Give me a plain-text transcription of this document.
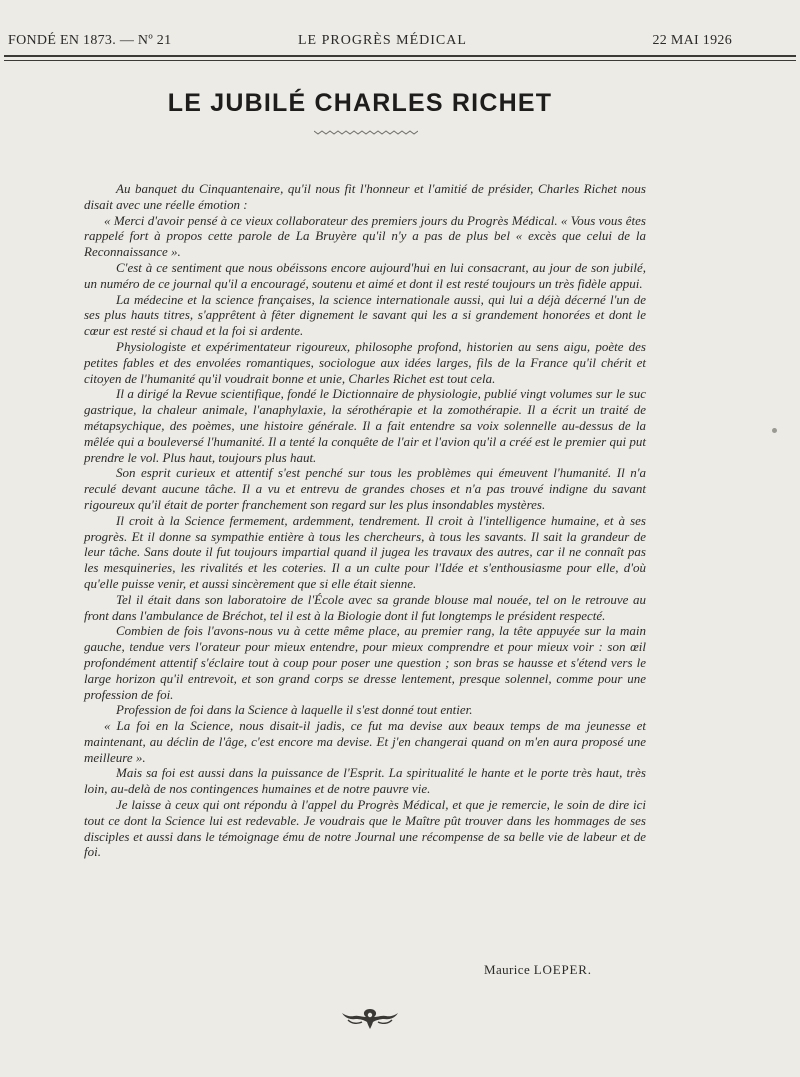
FONDÉ EN 1873. — Nº 21	LE PROGRÈS MÉDICAL	22 MAI 1926
LE JUBILÉ CHARLES RICHET

Au banquet du Cinquantenaire, qu'il nous fit l'honneur et l'amitié de présider, Charles Richet nous disait avec une réelle émotion :

« Merci d'avoir pensé à ce vieux collaborateur des premiers jours du Progrès Médical. « Vous vous êtes rappelé fort à propos cette parole de La Bruyère qu'il n'y a pas de plus bel « excès que celui de la Reconnaissance ».

C'est à ce sentiment que nous obéissons encore aujourd'hui en lui consacrant, au jour de son jubilé, un numéro de ce journal qu'il a encouragé, soutenu et aimé et dont il est resté toujours un très fidèle appui.

La médecine et la science françaises, la science internationale aussi, qui lui a déjà décerné l'un de ses plus hauts titres, s'apprêtent à fêter dignement le savant qui les a si grandement honorées et dont le cœur est resté si chaud et la foi si ardente.

Physiologiste et expérimentateur rigoureux, philosophe profond, historien au sens aigu, poète des petites fables et des envolées romantiques, sociologue aux idées larges, fils de la France qu'il chérit et citoyen de l'humanité qu'il voudrait bonne et unie, Charles Richet est tout cela.

Il a dirigé la Revue scientifique, fondé le Dictionnaire de physiologie, publié vingt volumes sur le suc gastrique, la chaleur animale, l'anaphylaxie, la sérothérapie et la zomothérapie. Il a écrit un traité de métapsychique, des poèmes, une histoire générale. Il a fait entendre sa voix solennelle au-dessus de la mêlée qui a bouleversé l'humanité. Il a tenté la conquête de l'air et l'avion qu'il a créé est le premier qui put prendre le vol. Plus haut, toujours plus haut.

Son esprit curieux et attentif s'est penché sur tous les problèmes qui émeuvent l'humanité. Il n'a reculé devant aucune tâche. Il a vu et entrevu de grandes choses et n'a pas trouvé indigne du savant rigoureux qu'il était de porter franchement son regard sur les plus insondables mystères.

Il croit à la Science fermement, ardemment, tendrement. Il croit à l'intelligence humaine, et à ses progrès. Et il donne sa sympathie entière à tous les chercheurs, à tous les savants. Il sait la grandeur de leur tâche. Sans doute il fut toujours impartial quand il jugea les travaux des autres, car il ne connaît pas les mesquineries, les rivalités et les coteries. Il a un culte pour l'Idée et s'enthousiasme pour elle, d'où qu'elle puisse venir, et aussi sincèrement que si elle était sienne.

Tel il était dans son laboratoire de l'École avec sa grande blouse mal nouée, tel on le retrouve au front dans l'ambulance de Bréchot, tel il est à la Biologie dont il fut longtemps le président respecté.

Combien de fois l'avons-nous vu à cette même place, au premier rang, la tête appuyée sur la main gauche, tendue vers l'orateur pour mieux entendre, pour mieux comprendre et pour mieux voir : son œil profondément attentif s'éclaire tout à coup pour poser une question ; son bras se hausse et s'étend vers le large horizon qu'il entrevoit, et son grand corps se dresse lentement, presque solennel, comme pour une profession de foi.

Profession de foi dans la Science à laquelle il s'est donné tout entier.

« La foi en la Science, nous disait-il jadis, ce fut ma devise aux beaux temps de ma jeunesse et maintenant, au déclin de l'âge, c'est encore ma devise. Et j'en changerai quand on m'en aura proposé une meilleure ».

Mais sa foi est aussi dans la puissance de l'Esprit. La spiritualité le hante et le porte très haut, très loin, au-delà de nos contingences humaines et de notre pauvre vie.

Je laisse à ceux qui ont répondu à l'appel du Progrès Médical, et que je remercie, le soin de dire ici tout ce dont la Science lui est redevable. Je voudrais que le Maître pût trouver dans les hommages de ses disciples et aussi dans le témoignage ému de notre Journal une récompense de sa belle vie de labeur et de foi.

Maurice LOEPER.
